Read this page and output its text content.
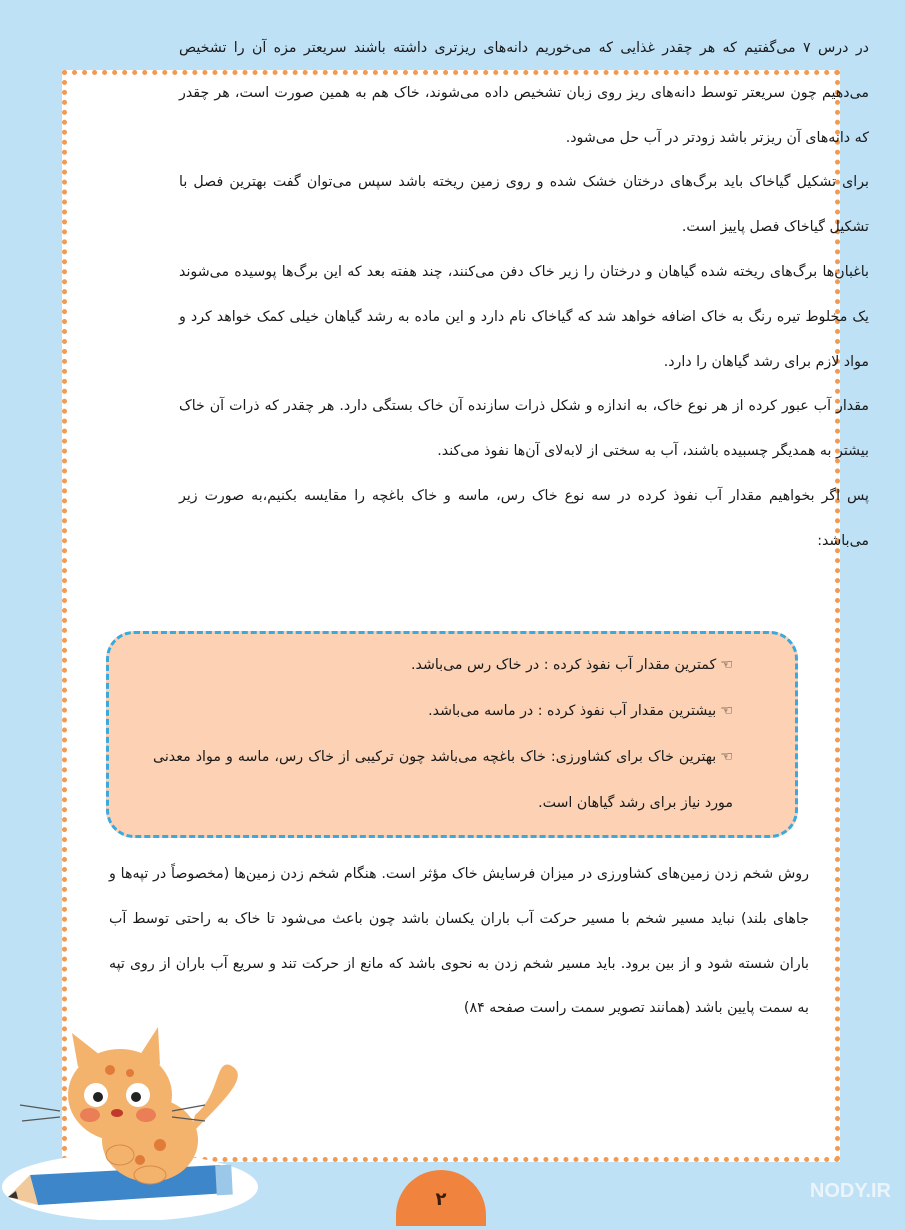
در درس ۷ می‌گفتیم که هر چقدر غذایی که می‌خوریم دانه‌های ریزتری داشته باشند سریعتر مزه آن را تشخیص می‌دهیم چون سریعتر توسط دانه‌های ریز روی زبان تشخیص داده می‌شوند، خاک هم به همین صورت است، هر چقدر که دانه‌های آن ریزتر باشد زودتر در آب حل می‌شود.

برای تشکیل گیاخاک باید برگ‌های درختان خشک شده و روی زمین ریخته باشد سپس می‌توان گفت بهترین فصل با تشکیل گیاخاک فصل پاییز است.

باغبان‌ها برگ‌های ریخته شده گیاهان و درختان را زیر خاک دفن می‌کنند، چند هفته بعد که این برگ‌ها پوسیده می‌شوند یک مخلوط تیره رنگ به خاک اضافه خواهد شد که گیاخاک نام دارد و این ماده به رشد گیاهان خیلی کمک خواهد کرد و مواد لازم برای رشد گیاهان را دارد.

مقدار آب عبور کرده از هر نوع خاک، به اندازه و شکل ذرات سازنده آن خاک بستگی دارد. هر چقدر که ذرات آن خاک بیشتر به همدیگر چسبیده باشند، آب به سختی از لابه‌لای آن‌ها نفوذ می‌کند.

پس اگر بخواهیم مقدار آب نفوذ کرده در سه نوع خاک رس، ماسه و خاک باغچه را مقایسه بکنیم،به صورت زیر می‌باشد:

☜کمترین مقدار آب نفوذ کرده : در خاک رس می‌باشد.

☜بیشترین مقدار آب نفوذ کرده : در ماسه می‌باشد.

☜بهترین خاک برای کشاورزی: خاک باغچه می‌باشد چون ترکیبی از خاک رس، ماسه و مواد معدنی مورد نیاز برای رشد گیاهان است.

روش شخم زدن زمین‌های کشاورزی در میزان فرسایش خاک مؤثر است. هنگام شخم زدن زمین‌ها (مخصوصاً در تپه‌ها و جاهای بلند) نباید مسیر شخم با مسیر حرکت آب باران یکسان باشد چون باعث می‌شود تا خاک به راحتی توسط آب باران شسته شود و از بین برود. باید مسیر شخم زدن به نحوی باشد که مانع از حرکت تند و سریع آب باران از روی تپه به سمت پایین باشد (همانند تصویر سمت راست صفحه ۸۴)

۲	NODY.IR
